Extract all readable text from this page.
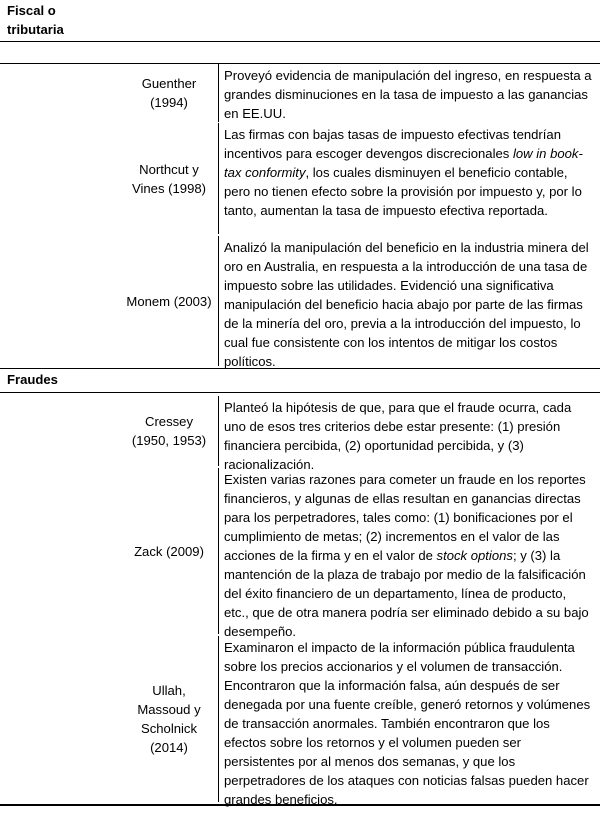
Fiscal o
tributaria
Guenther (1994)
Proveyó evidencia de manipulación del ingreso, en respuesta a grandes disminuciones en la tasa de impuesto a las ganancias en EE.UU.
Northcut y Vines (1998)
Las firmas con bajas tasas de impuesto efectivas tendrían incentivos para escoger devengos discrecionales low in book-tax conformity, los cuales disminuyen el beneficio contable, pero no tienen efecto sobre la provisión por impuesto y, por lo tanto, aumentan la tasa de impuesto efectiva reportada.
Monem (2003)
Analizó la manipulación del beneficio en la industria minera del oro en Australia, en respuesta a la introducción de una tasa de impuesto sobre las utilidades. Evidenció una significativa manipulación del beneficio hacia abajo por parte de las firmas de la minería del oro, previa a la introducción del impuesto, lo cual fue consistente con los intentos de mitigar los costos políticos.
Fraudes
Cressey (1950, 1953)
Planteó la hipótesis de que, para que el fraude ocurra, cada uno de esos tres criterios debe estar presente: (1) presión financiera percibida, (2) oportunidad percibida, y (3) racionalización.
Zack (2009)
Existen varias razones para cometer un fraude en los reportes financieros, y algunas de ellas resultan en ganancias directas para los perpetradores, tales como: (1) bonificaciones por el cumplimiento de metas; (2) incrementos en el valor de las acciones de la firma y en el valor de stock options; y (3) la mantención de la plaza de trabajo por medio de la falsificación del éxito financiero de un departamento, línea de producto, etc., que de otra manera podría ser eliminado debido a su bajo desempeño.
Ullah, Massoud y Scholnick (2014)
Examinaron el impacto de la información pública fraudulenta sobre los precios accionarios y el volumen de transacción. Encontraron que la información falsa, aún después de ser denegada por una fuente creíble, generó retornos y volúmenes de transacción anormales. También encontraron que los efectos sobre los retornos y el volumen pueden ser persistentes por al menos dos semanas, y que los perpetradores de los ataques con noticias falsas pueden hacer grandes beneficios.
